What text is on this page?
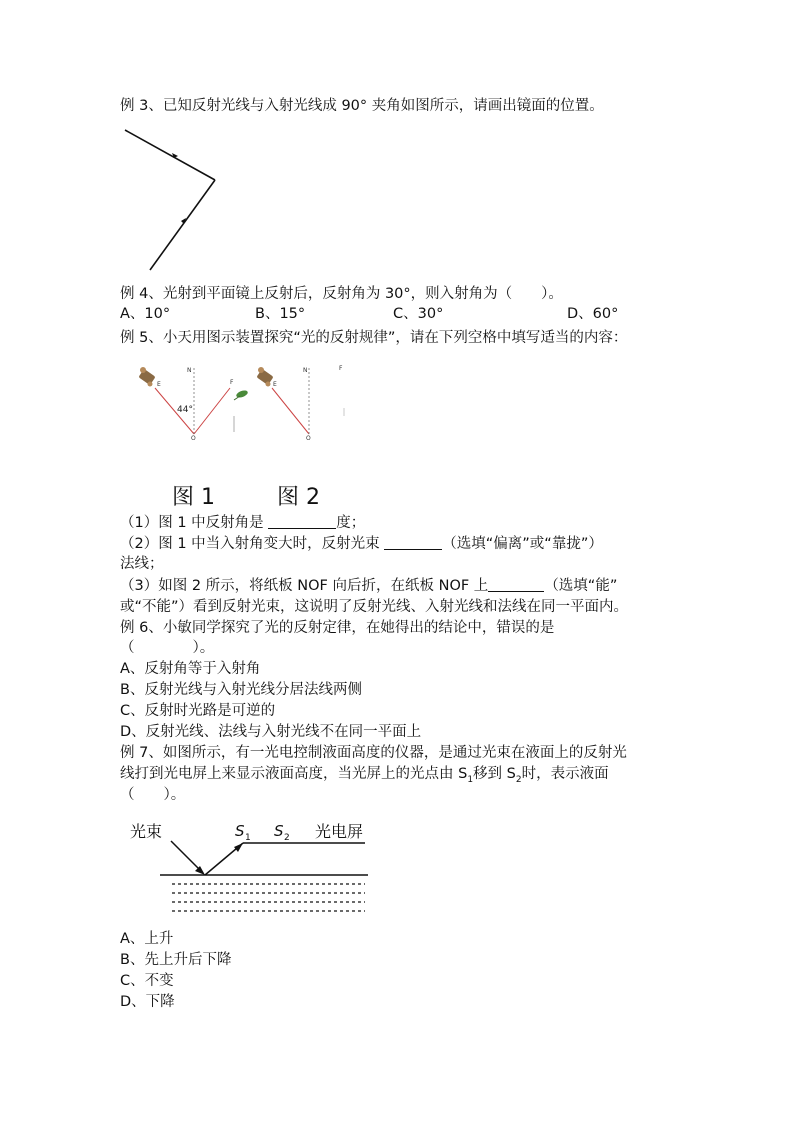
例 3、已知反射光线与入射光线成 90° 夹角如图所示，请画出镜面的位置。
例 4、光射到平面镜上反射后，反射角为 30°，则入射角为（　　）。
A、10°	B、15°	C、30°	D、60°
例 5、小天用图示装置探究“光的反射规律”，请在下列空格中填写适当的内容：
N
E	F
O
44°
N
E
F
O
图 1	图 2
（1）图 1 中反射角是	度；
（2）图 1 中当入射角变大时，反射光束	（选填“偏离”或“靠拢”）
法线；
（3）如图 2 所示，将纸板 NOF 向后折，在纸板 NOF 上	（选填“能”
或“不能”）看到反射光束，这说明了反射光线、入射光线和法线在同一平面内。
例 6、小敏同学探究了光的反射定律，在她得出的结论中，错误的是
（　　　　）。
A、反射角等于入射角
B、反射光线与入射光线分居法线两侧
C、反射时光路是可逆的
D、反射光线、法线与入射光线不在同一平面上
例 7、如图所示，有一光电控制液面高度的仪器，是通过光束在液面上的反射光
线打到光电屏上来显示液面高度，当光屏上的光点由 $S_1$移到 $S_2$时，表示液面
（　　）。
光束	光电屏
S 1 S 2
A、上升
B、先上升后下降
C、不变
D、下降
